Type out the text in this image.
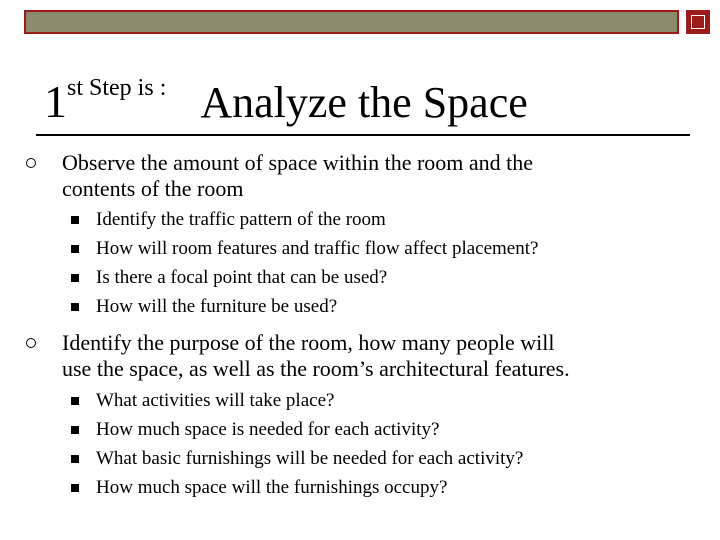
1st Step is : Analyze the Space
Observe the amount of space within the room and the
contents of the room
Identify the traffic pattern of the room
How will room features and traffic flow affect placement?
Is there a focal point that can be used?
How will the furniture be used?
Identify the purpose of the room, how many people will
use the space, as well as the room’s architectural features.
What activities will take place?
How much space is needed for each activity?
What basic furnishings will be needed for each activity?
How much space will the furnishings occupy?
